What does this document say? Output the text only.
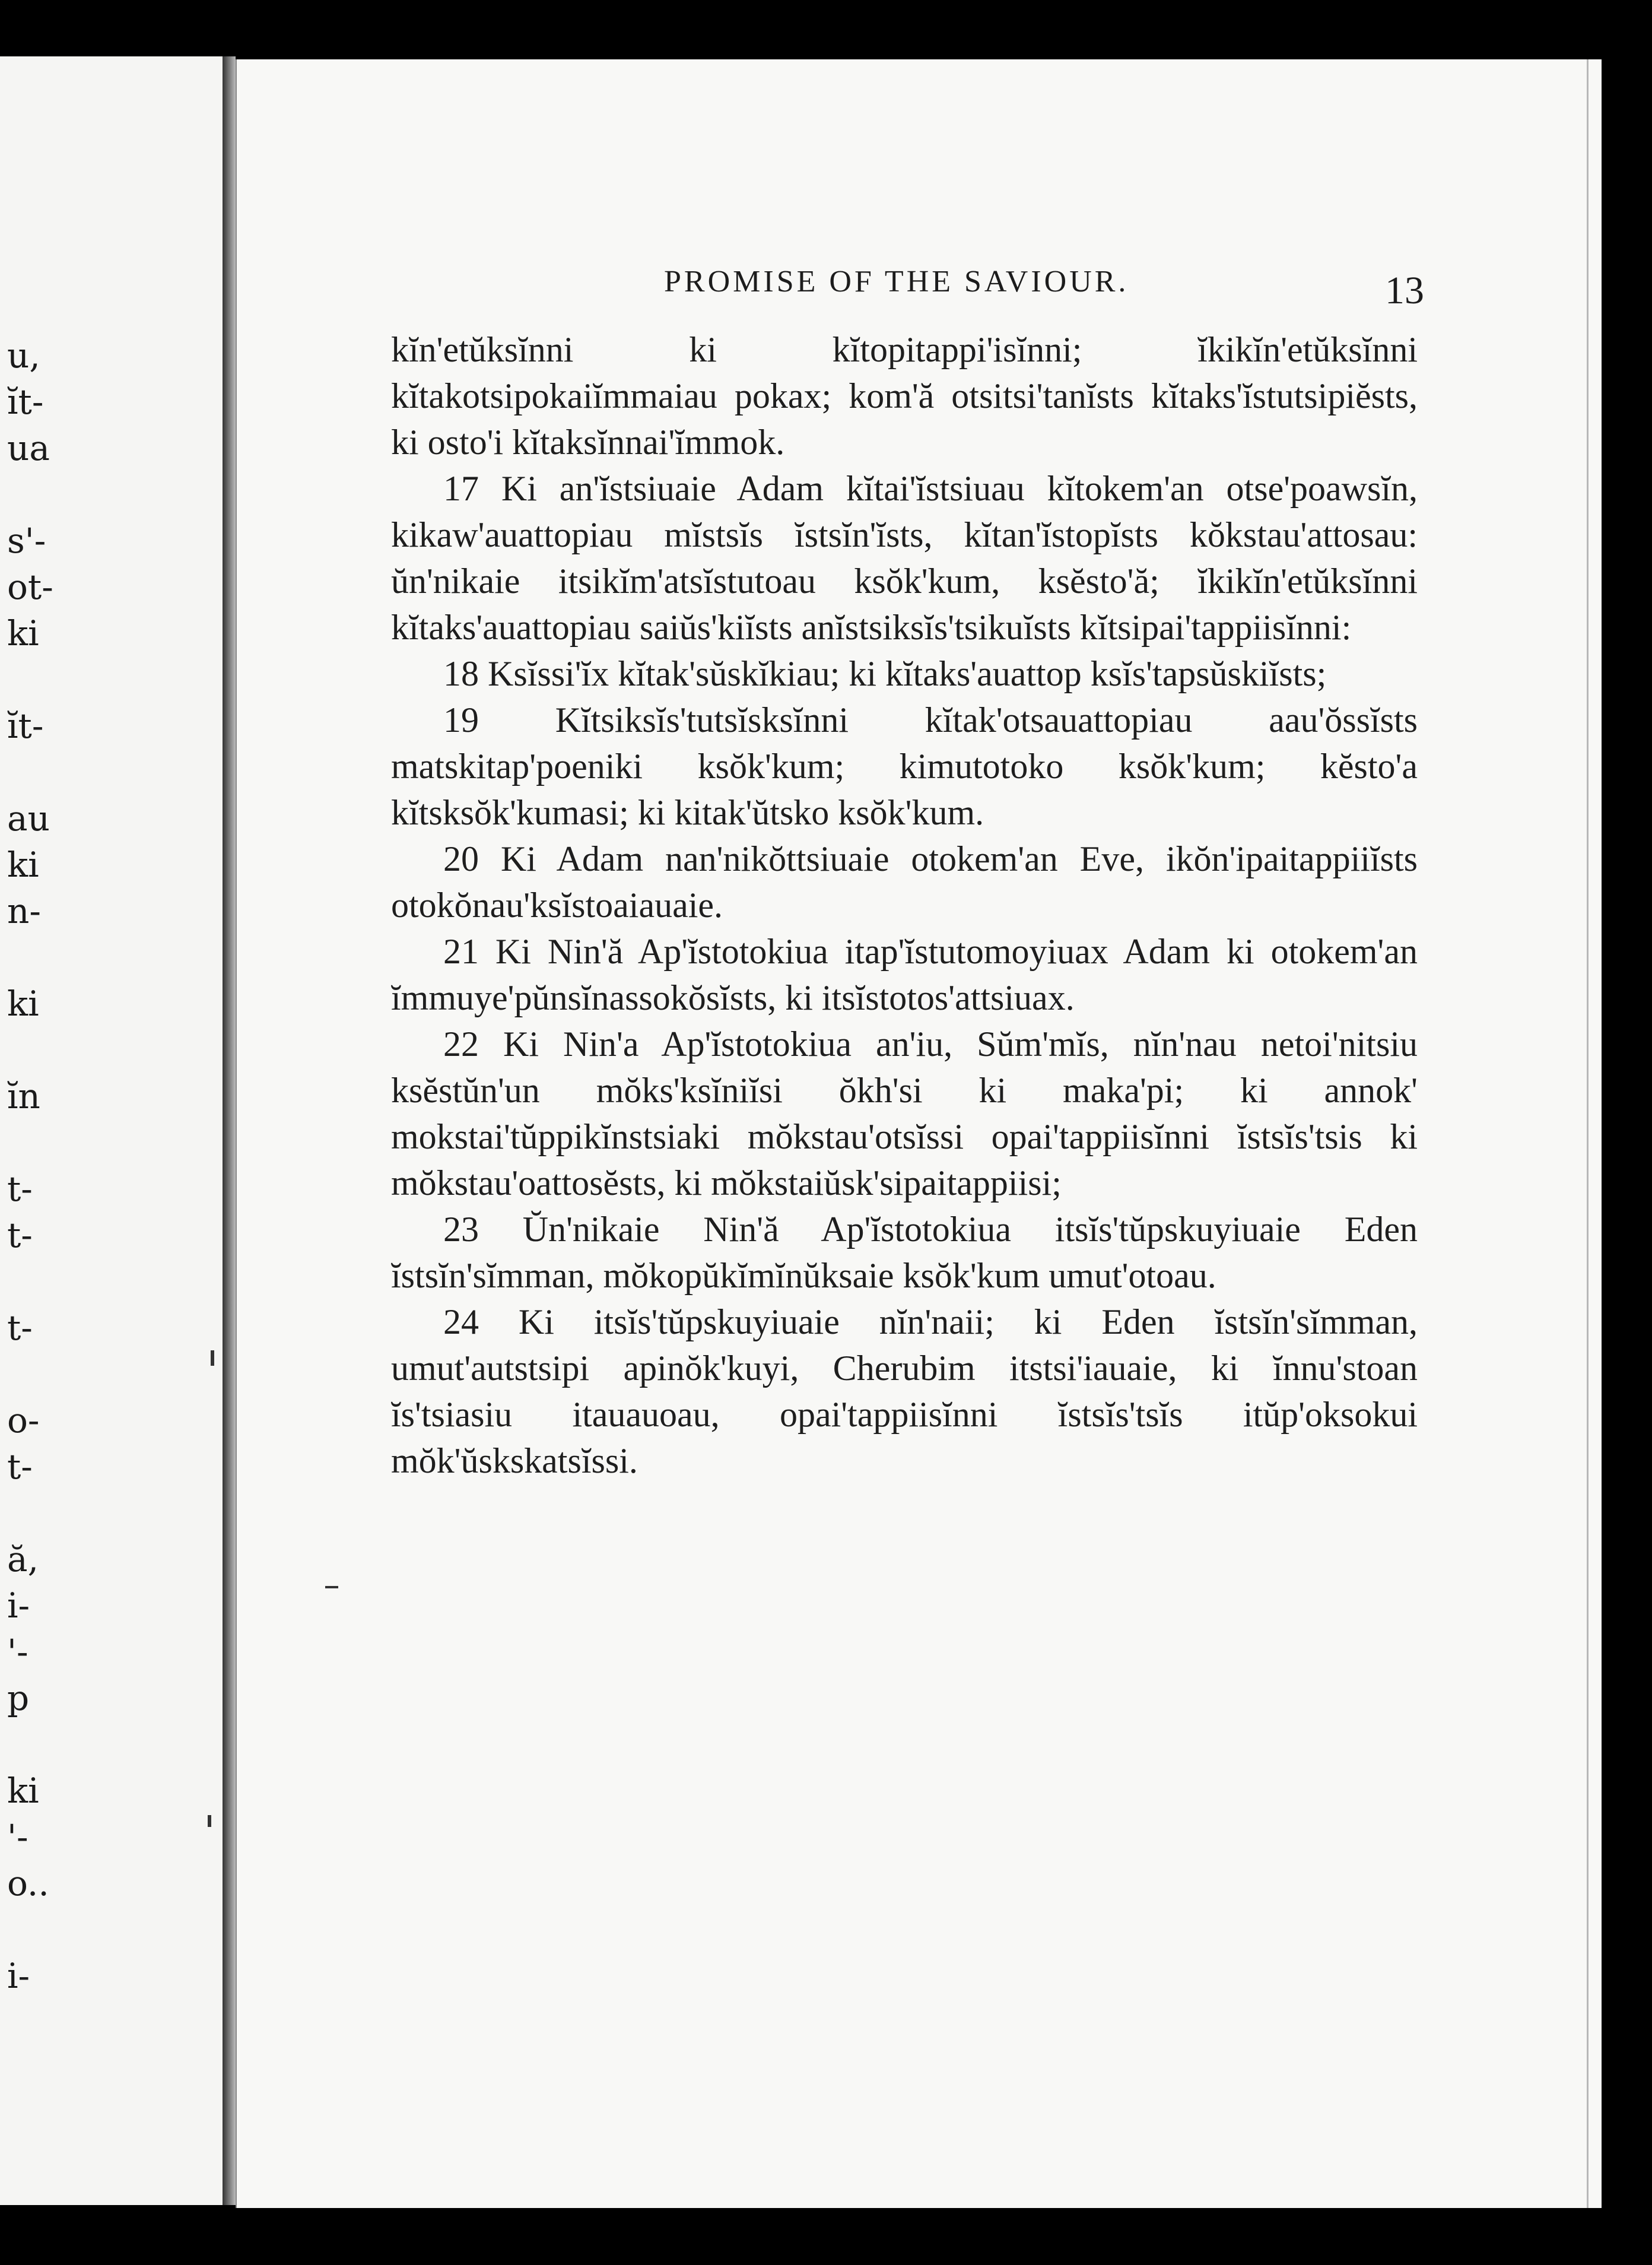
u,
ĭt-
ua
s'-
ot-
ki
ĭt-
au
ki
n-
ki
ĭn
t-
t-
t-
o-
t-
ă,
i-
'-
p
ki
'-
o..
i-
PROMISE OF THE SAVIOUR.	13

kĭn'etŭksĭnni ki kĭtopitappi'isĭnni; ĭkikĭn'etŭksĭnni kĭtakotsipokaiĭmmaiau pokax; kom'ă otsitsi'tanĭsts kĭtaks'ĭstutsipiĕsts, ki osto'i kĭtaksĭnnai'ĭmmok.

17 Ki an'ĭstsiuaie Adam kĭtai'ĭstsiuau kĭtokem'an otse'poawsĭn, kikaw'auattopiau mĭstsĭs ĭstsĭn'ĭsts, kĭtan'ĭstopĭsts kŏkstau'attosau: ŭn'nikaie itsikĭm'atsĭstutoau ksŏk'kum, ksĕsto'ă; ĭkikĭn'etŭksĭnni kĭtaks'auattopiau saiŭs'kiĭsts anĭstsiksĭs'tsikuĭsts kĭtsipai'tappiisĭnni:

18 Ksĭssi'ĭx kĭtak'sŭskĭkiau; ki kĭtaks'auattop ksĭs'tapsŭskiĭsts;

19 Kĭtsiksĭs'tutsĭsksĭnni kĭtak'otsauattopiau aau'ŏssĭsts matskitap'poeniki ksŏk'kum; kimutotoko ksŏk'kum; kĕsto'a kĭtsksŏk'kumasi; ki kitak'ŭtsko ksŏk'kum.

20 Ki Adam nan'nikŏttsiuaie otokem'an Eve, ikŏn'ipaitappiiĭsts otokŏnau'ksĭstoaiauaie.

21 Ki Nin'ă Ap'ĭstotokiua itap'ĭstutomoyiuax Adam ki otokem'an ĭmmuye'pŭnsĭnassokŏsĭsts, ki itsĭstotos'attsiuax.

22 Ki Nin'a Ap'ĭstotokiua an'iu, Sŭm'mĭs, nĭn'nau netoi'nitsiu ksĕstŭn'un mŏks'ksĭniĭsi ŏkh'si ki maka'pi; ki annok' mokstai'tŭppikĭnstsiaki mŏkstau'otsĭssi opai'tappiisĭnni ĭstsĭs'tsis ki mŏkstau'oattosĕsts, ki mŏkstaiŭsk'sipaitappiisi;

23 Ŭn'nikaie Nin'ă Ap'ĭstotokiua itsĭs'tŭpskuyiuaie Eden ĭstsĭn'sĭmman, mŏkopŭkĭmĭnŭksaie ksŏk'kum umut'otoau.

24 Ki itsĭs'tŭpskuyiuaie nĭn'naii; ki Eden ĭstsĭn'sĭmman, umut'autstsipi apinŏk'kuyi, Cherubim itstsi'iauaie, ki ĭnnu'stoan ĭs'tsiasiu itauauoau, opai'tappiisĭnni ĭstsĭs'tsĭs itŭp'oksokui mŏk'ŭskskatsĭssi.
